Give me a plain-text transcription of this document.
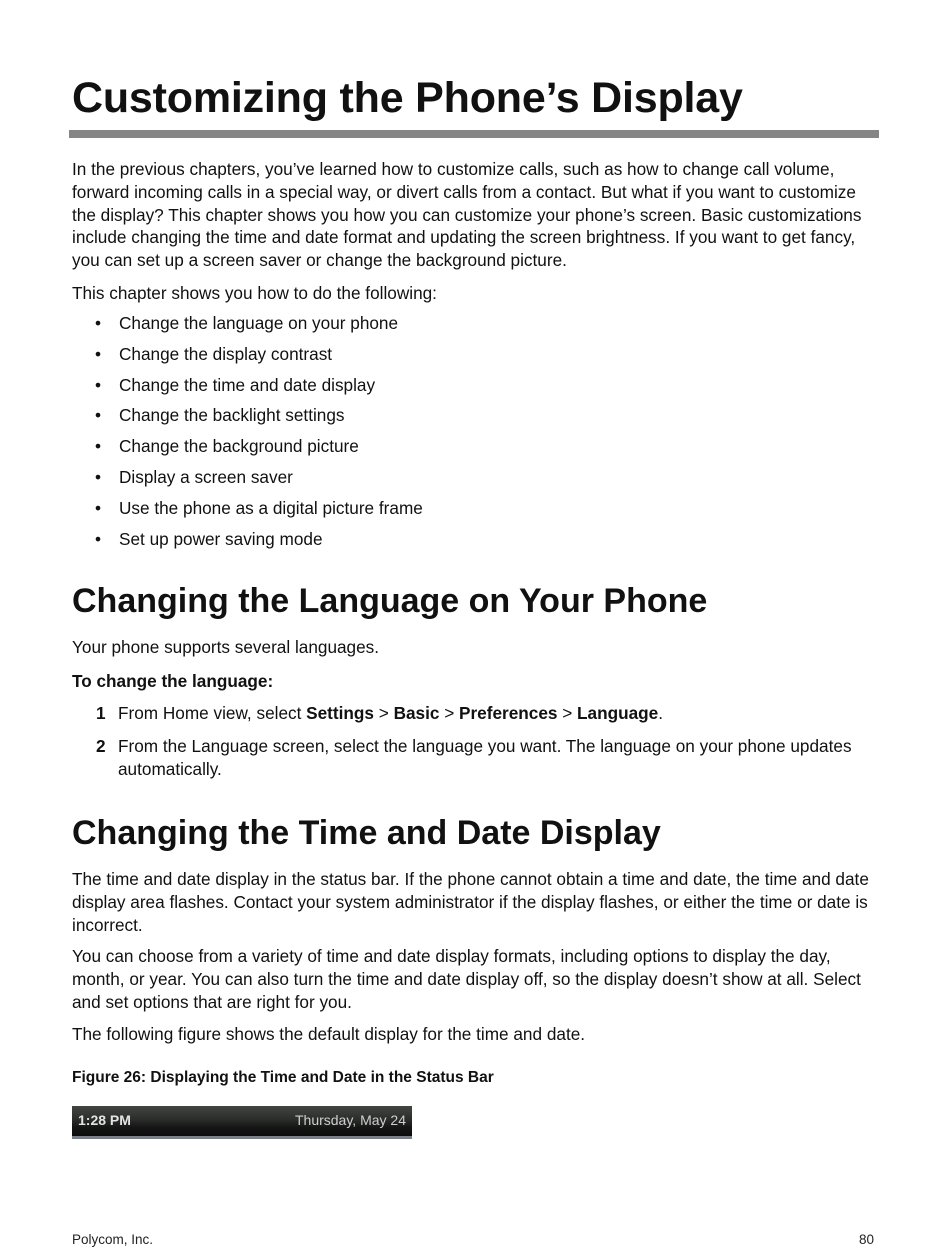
Customizing the Phone’s Display

In the previous chapters, you’ve learned how to customize calls, such as how to change call volume, forward incoming calls in a special way, or divert calls from a contact. But what if you want to customize the display? This chapter shows you how you can customize your phone’s screen. Basic customizations include changing the time and date format and updating the screen brightness. If you want to get fancy, you can set up a screen saver or change the background picture.

This chapter shows you how to do the following:

• Change the language on your phone
• Change the display contrast
• Change the time and date display
• Change the backlight settings
• Change the background picture
• Display a screen saver
• Use the phone as a digital picture frame
• Set up power saving mode
Changing the Language on Your Phone

Your phone supports several languages.

To change the language:

1 From Home view, select Settings > Basic > Preferences > Language.
2 From the Language screen, select the language you want. The language on your phone updates automatically.
Changing the Time and Date Display

The time and date display in the status bar. If the phone cannot obtain a time and date, the time and date display area flashes. Contact your system administrator if the display flashes, or either the time or date is incorrect.

You can choose from a variety of time and date display formats, including options to display the day, month, or year. You can also turn the time and date display off, so the display doesn’t show at all. Select and set options that are right for you.

The following figure shows the default display for the time and date.

Figure 26: Displaying the Time and Date in the Status Bar

1:28 PM	Thursday, May 24
Polycom, Inc.	80
